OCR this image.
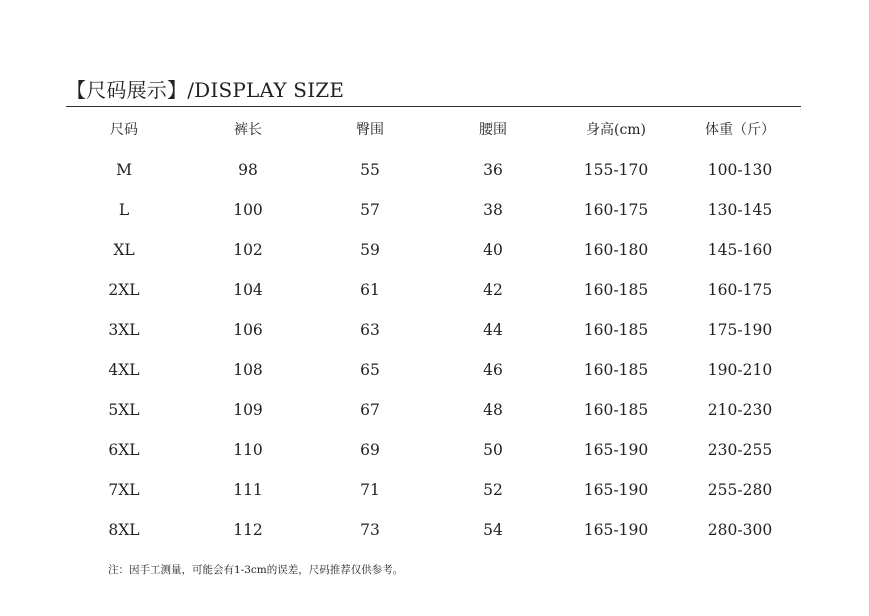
【尺码展示】/DISPLAY SIZE
尺码	裤长	臀围	腰围	身高(cm)	体重（斤）
M	98	55	36	155-170	100-130
L	100	57	38	160-175	130-145
XL	102	59	40	160-180	145-160
2XL	104	61	42	160-185	160-175
3XL	106	63	44	160-185	175-190
4XL	108	65	46	160-185	190-210
5XL	109	67	48	160-185	210-230
6XL	110	69	50	165-190	230-255
7XL	111	71	52	165-190	255-280
8XL	112	73	54	165-190	280-300
注：因手工测量，可能会有1-3cm的误差，尺码推荐仅供参考。
